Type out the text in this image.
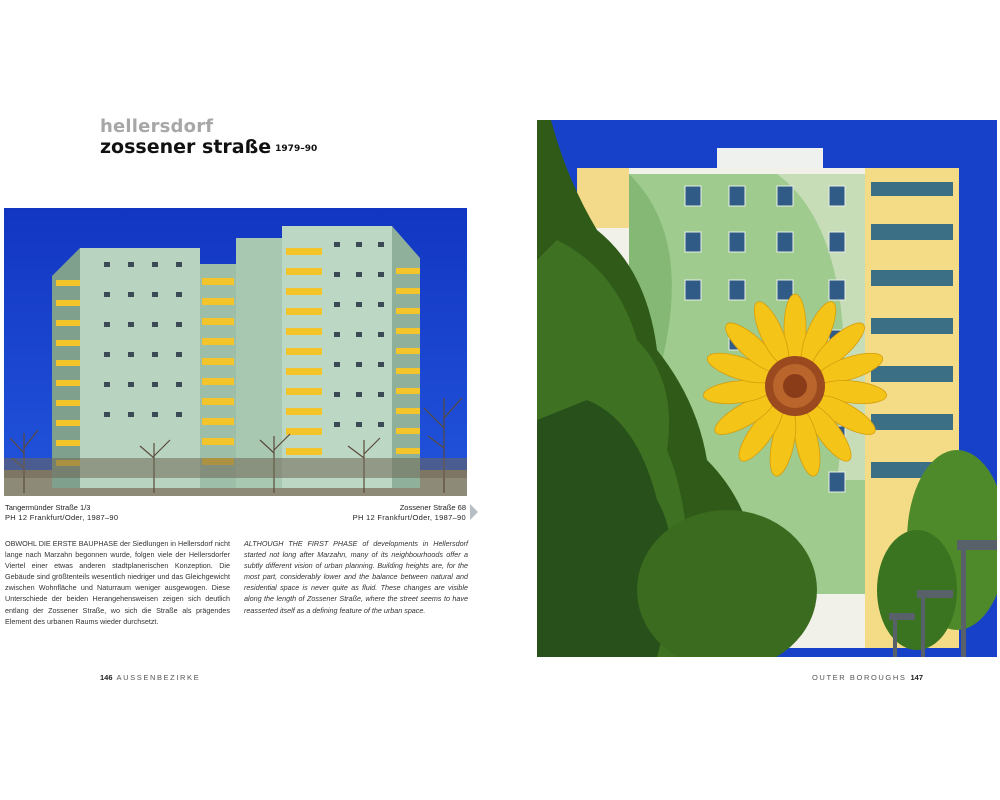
hellersdorf
zossener straße 1979–90
Tangermünder Straße 1/3
PH 12 Frankfurt/Oder, 1987–90
Zossener Straße 68
PH 12 Frankfurt/Oder, 1987–90
OBWOHL DIE ERSTE BAUPHASE der Siedlungen in Hellersdorf nicht lange nach Marzahn begonnen wurde, folgen viele der Hellersdorfer Viertel einer etwas anderen stadtplanerischen Konzeption. Die Gebäude sind größtenteils wesentlich niedriger und das Gleichgewicht zwischen Wohnfläche und Naturraum weniger ausgewogen. Diese Unterschiede der beiden Herangehensweisen zeigen sich deutlich entlang der Zossener Straße, wo sich die Straße als prägendes Element des urbanen Raums wieder durchsetzt.
ALTHOUGH THE FIRST PHASE of developments in Hellersdorf started not long after Marzahn, many of its neighbourhoods offer a subtly different vision of urban planning. Building heights are, for the most part, considerably lower and the balance between natural and residential space is never quite as fluid. These changes are visible along the length of Zossener Straße, where the street seems to have reasserted itself as a defining feature of the urban space.
146 AUSSENBEZIRKE	OUTER BOROUGHS 147
